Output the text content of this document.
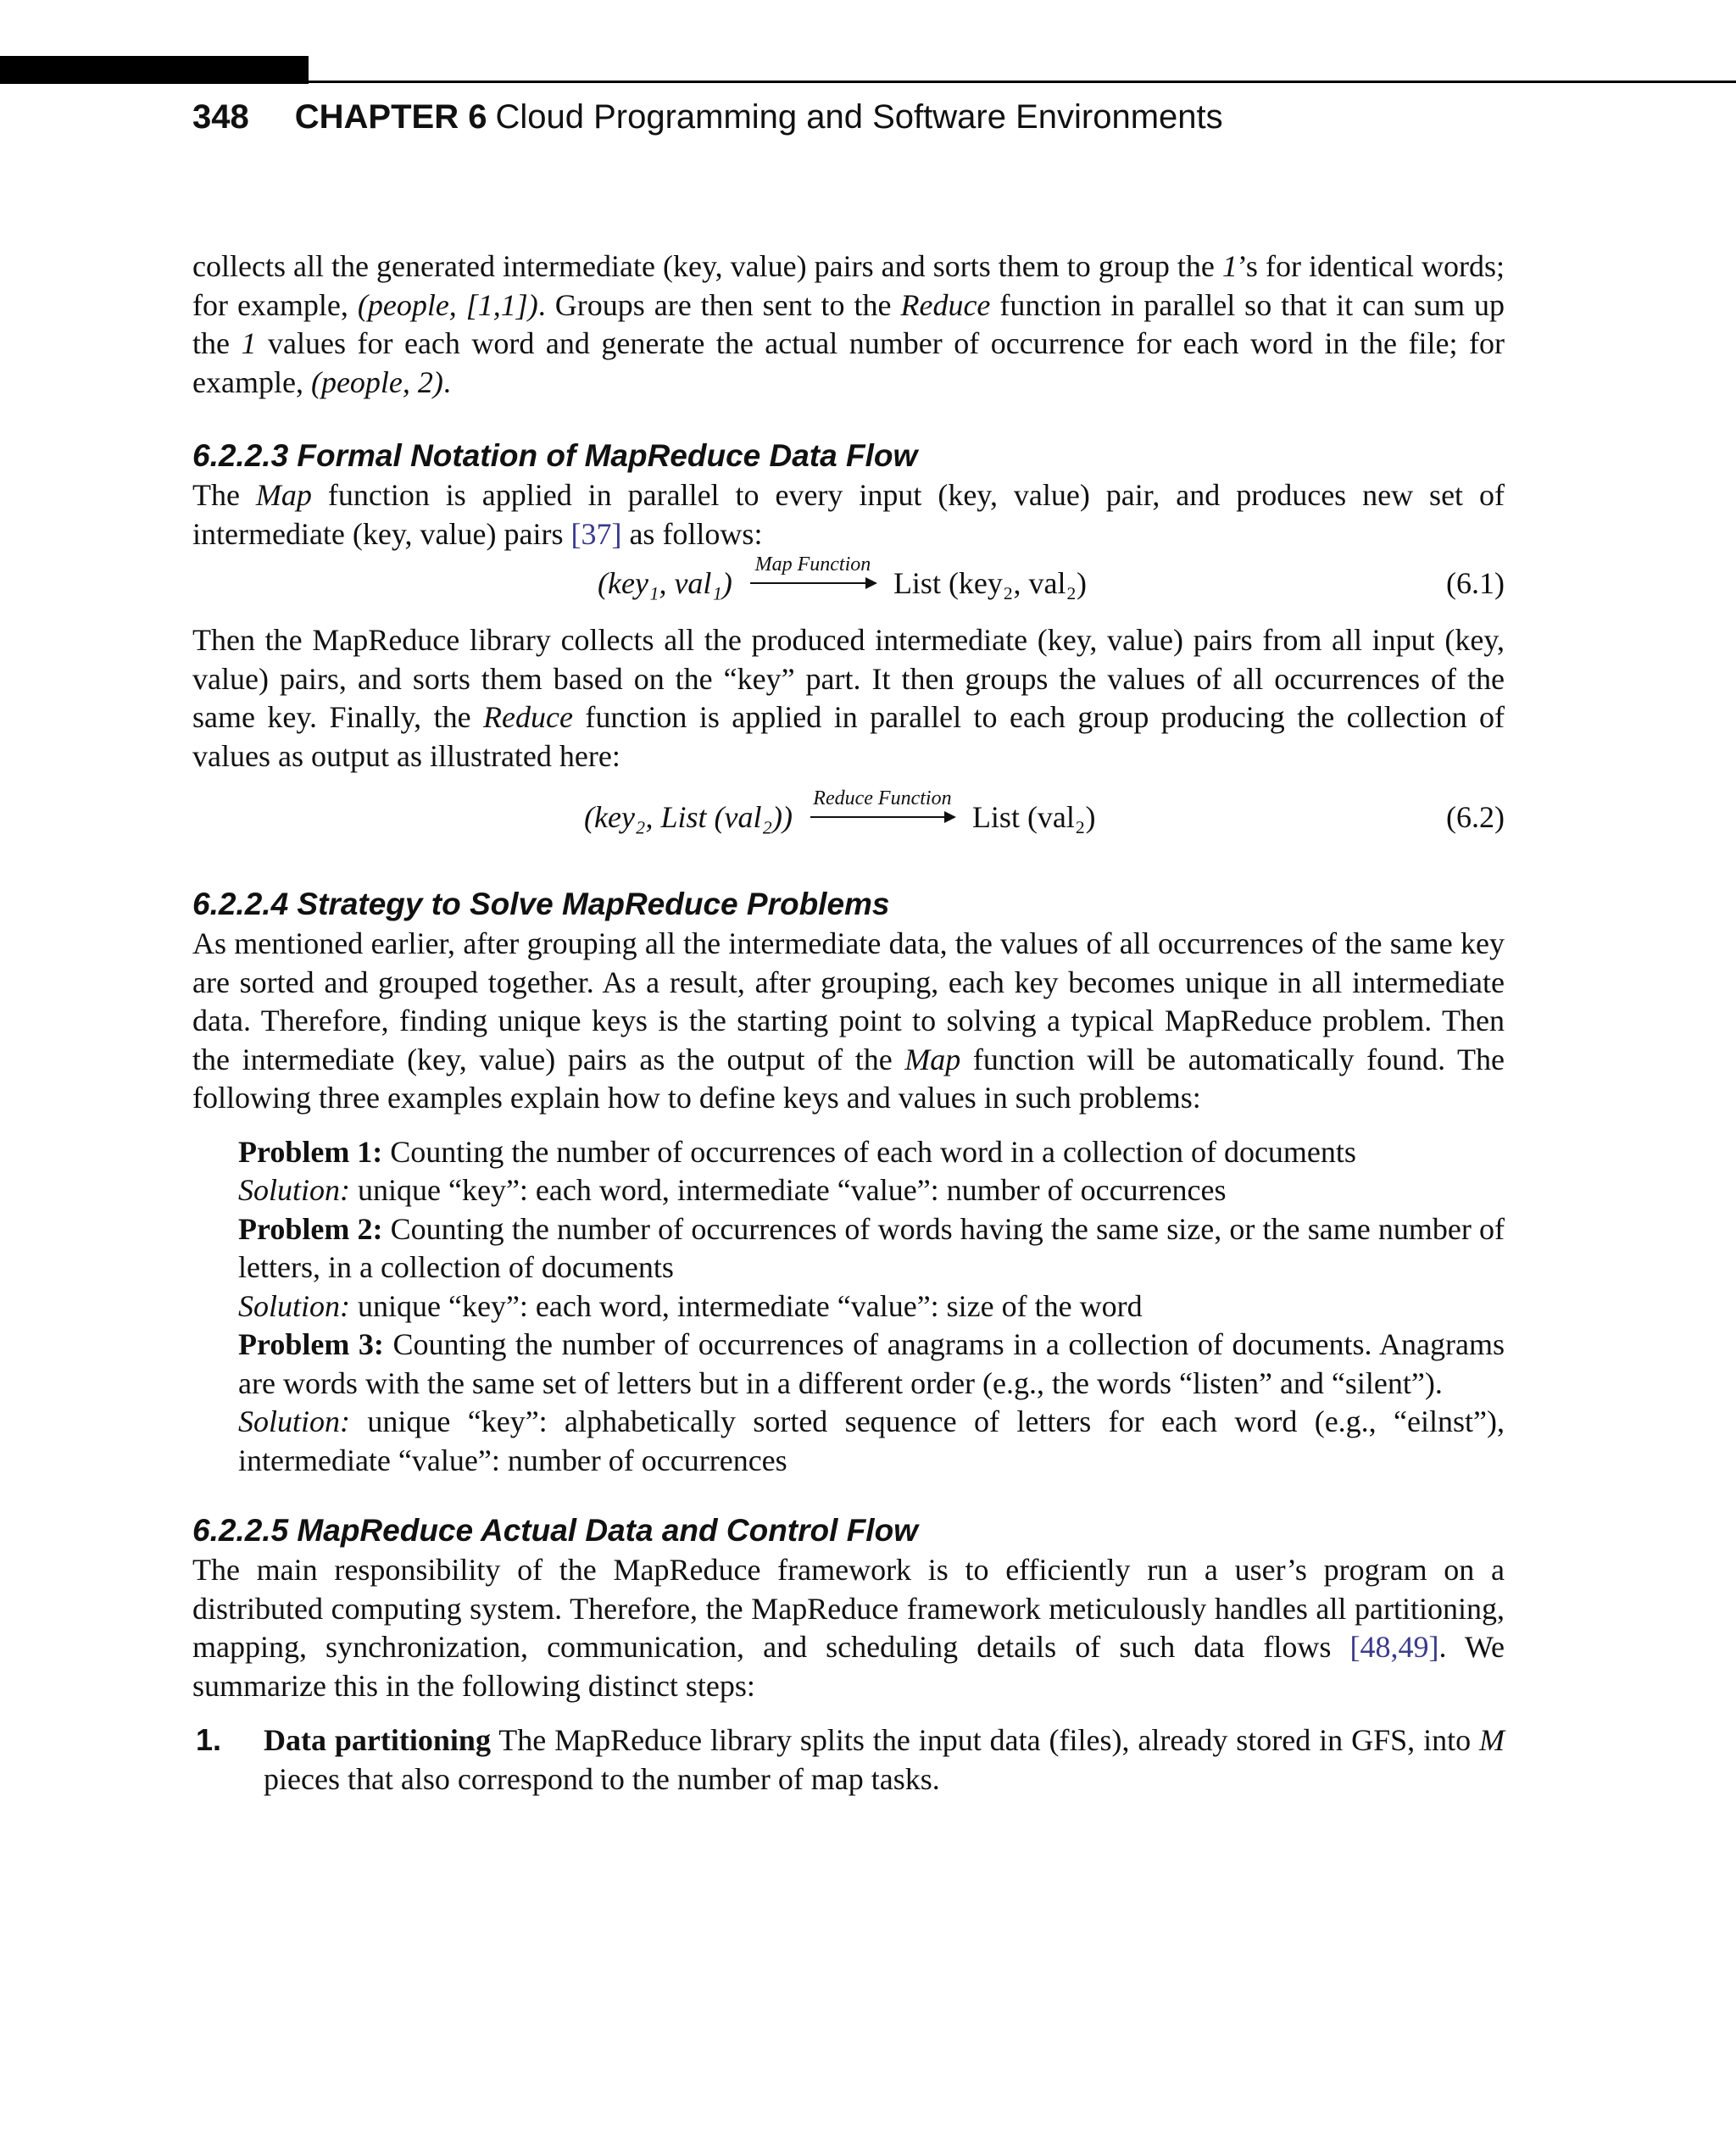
348 CHAPTER 6 Cloud Programming and Software Environments

collects all the generated intermediate (key, value) pairs and sorts them to group the 1’s for identical words; for example, (people, [1,1]). Groups are then sent to the Reduce function in parallel so that it can sum up the 1 values for each word and generate the actual number of occurrence for each word in the file; for example, (people, 2).

6.2.2.3 Formal Notation of MapReduce Data Flow

The Map function is applied in parallel to every input (key, value) pair, and produces new set of intermediate (key, value) pairs [37] as follows:

(key₁, val₁)
Map Function
List (key₂, val₂)	(6.1)

Then the MapReduce library collects all the produced intermediate (key, value) pairs from all input (key, value) pairs, and sorts them based on the “key” part. It then groups the values of all occurrences of the same key. Finally, the Reduce function is applied in parallel to each group producing the collection of values as output as illustrated here:

(key₂, List (val₂))
Reduce Function
List (val₂)	(6.2)
6.2.2.4 Strategy to Solve MapReduce Problems

As mentioned earlier, after grouping all the intermediate data, the values of all occurrences of the same key are sorted and grouped together. As a result, after grouping, each key becomes unique in all intermediate data. Therefore, finding unique keys is the starting point to solving a typical MapReduce problem. Then the intermediate (key, value) pairs as the output of the Map function will be automatically found. The following three examples explain how to define keys and values in such problems:

Problem 1: Counting the number of occurrences of each word in a collection of documents

Solution: unique “key”: each word, intermediate “value”: number of occurrences

Problem 2: Counting the number of occurrences of words having the same size, or the same number of letters, in a collection of documents

Solution: unique “key”: each word, intermediate “value”: size of the word

Problem 3: Counting the number of occurrences of anagrams in a collection of documents. Anagrams are words with the same set of letters but in a different order (e.g., the words “listen” and “silent”).

Solution: unique “key”: alphabetically sorted sequence of letters for each word (e.g., “eilnst”), intermediate “value”: number of occurrences

6.2.2.5 MapReduce Actual Data and Control Flow

The main responsibility of the MapReduce framework is to efficiently run a user’s program on a distributed computing system. Therefore, the MapReduce framework meticulously handles all partitioning, mapping, synchronization, communication, and scheduling details of such data flows [48,49]. We summarize this in the following distinct steps:

1. Data partitioning The MapReduce library splits the input data (files), already stored in GFS, into M pieces that also correspond to the number of map tasks.
